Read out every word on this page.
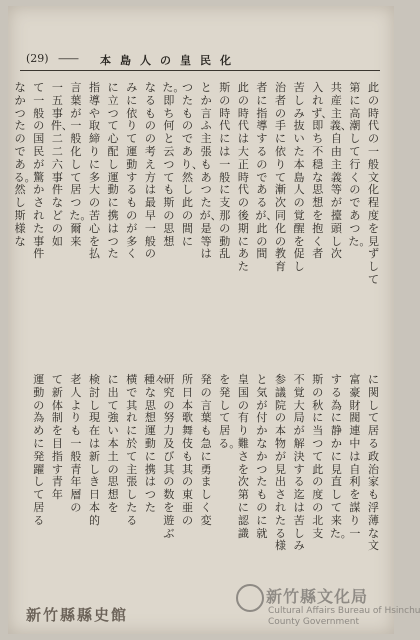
(29) —— 本島人の皇民化
此の時代の一般文化程度を見ずして
第に高潮して行くのであつた。
共産主義、自由主義等が擡頭し次
入れず、即ち不穏な思想を抱く者
苦しみ抜いた本島人の覚醒を促し
治者の手に依りて漸次同化の教育
者に指導するのであるが、此の間
此の時代は大正時代の後期にあた
斯の時代には一般に支那の動乱
とか言ふ主張もあつたが、是等は
つたものであり、然し此の間に
た。即ち何と云つても斯の思想
なるものの考え方は最早一般の
みに依りて運動するものが多く
に立つて心配し運動に携はつた
指導や取締りに多大の苦心を払
言葉が一般化して居つた。爾来
一五事件、二二六事件などの如
て一般の国民が驚かされた事件
なかつたのである。然し斯様な
に関して居る政治家も浮薄な文
富豪財閥連中は自利を謀り一
する為に静かに見直して来た。
斯の秋に当つて此の度の北支
不覚大局が解決する迄は苦しみ
参議院の本物が見出されたる様
と気が付かなかつたものに就
皇国の有り難さを次第に認識
を発して居る。
発の言葉も急に勇ましく変
所日本歌舞伎も其の東亜の
研究の努力及び其の数を遊ぶ
種々な思想運動に携はつた
横で其れに於て主張したる
に出て強い本土の思想を
検討し現在は新しき日本的
老人よりも一般青年層の
て新体制を目指す青年
運動の為めに発躍して居る
新竹縣縣史館
新竹縣文化局
Cultural Affairs Bureau of Hsinchu
County Government
